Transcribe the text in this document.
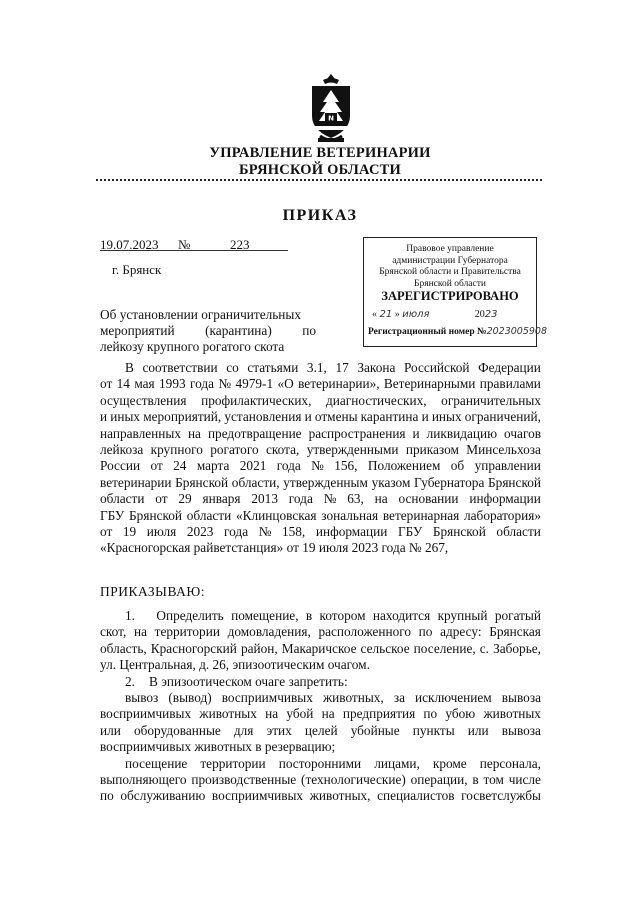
N
УПРАВЛЕНИЕ ВЕТЕРИНАРИИ
БРЯНСКОЙ ОБЛАСТИ
ПРИКАЗ
19.07.2023 №	223
г. Брянск
Об установлении ограничительных
мероприятий (карантина) по
лейкозу крупного рогатого скота
Правовое управление
администрации Губернатора
Брянской области и Правительства
Брянской области
ЗАРЕГИСТРИРОВАНО
« 21 » июля	2023
Регистрационный номер №2023005908
В соответствии со статьями 3.1, 17 Закона Российской Федерации
от 14 мая 1993 года № 4979-1 «О ветеринарии», Ветеринарными правилами
осуществления профилактических, диагностических, ограничительных
и иных мероприятий, установления и отмены карантина и иных ограничений,
направленных на предотвращение распространения и ликвидацию очагов
лейкоза крупного рогатого скота, утвержденными приказом Минсельхоза
России от 24 марта 2021 года № 156, Положением об управлении
ветеринарии Брянской области, утвержденным указом Губернатора Брянской
области от 29 января 2013 года № 63, на основании информации
ГБУ Брянской области «Клинцовская зональная ветеринарная лаборатория»
от 19 июля 2023 года № 158, информации ГБУ Брянской области
«Красногорская райветстанция» от 19 июля 2023 года № 267,
ПРИКАЗЫВАЮ:
1.	Определить помещение, в котором находится крупный рогатый
скот, на территории домовладения, расположенного по адресу: Брянская
область, Красногорский район, Макаричское сельское поселение, с. Заборье,
ул. Центральная, д. 26, эпизоотическим очагом.
2. В эпизоотическом очаге запретить:
вывоз (вывод) восприимчивых животных, за исключением вывоза
восприимчивых животных на убой на предприятия по убою животных
или оборудованные для этих целей убойные пункты или вывоза
восприимчивых животных в резервацию;
посещение территории посторонними лицами, кроме персонала,
выполняющего производственные (технологические) операции, в том числе
по обслуживанию восприимчивых животных, специалистов госветслужбы
